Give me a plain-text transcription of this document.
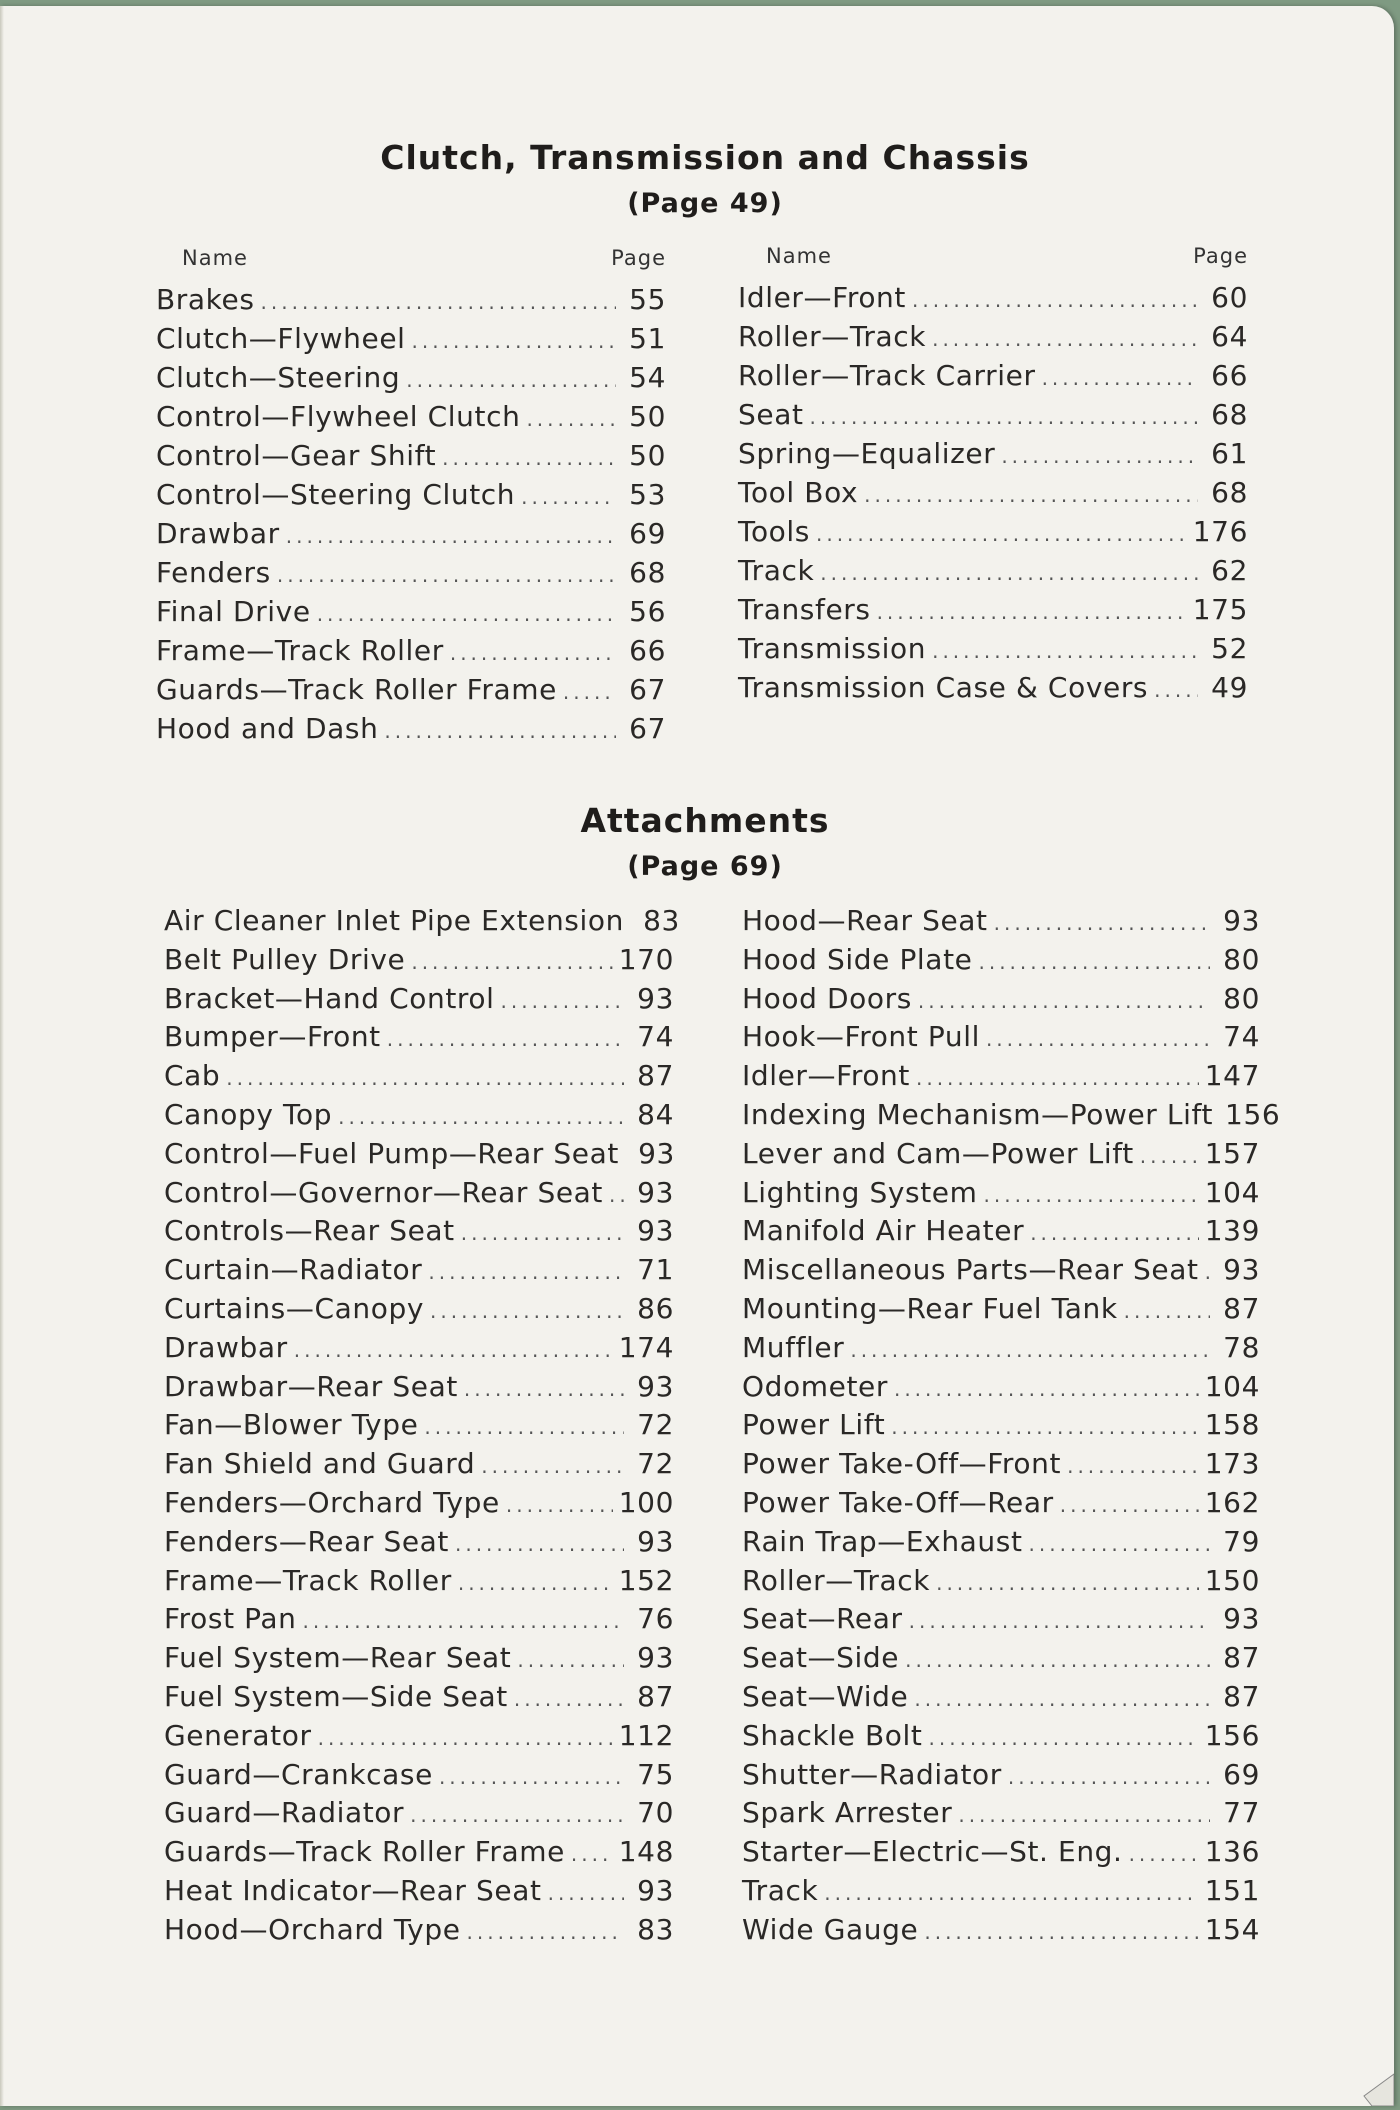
Clutch, Transmission and Chassis
(Page 49)
Name	Page	Name	Page
Brakes .....	55
Clutch—Flywheel .....	51
Clutch—Steering .....	54
Control—Flywheel Clutch .....	50
Control—Gear Shift .....	50
Control—Steering Clutch .....	53
Drawbar .....	69
Fenders .....	68
Final Drive .....	56
Frame—Track Roller .....	66
Guards—Track Roller Frame .....	67
Hood and Dash .....	67
Idler—Front .....	60
Roller—Track .....	64
Roller—Track Carrier .....	66
Seat .....	68
Spring—Equalizer .....	61
Tool Box .....	68
Tools .....	176
Track .....	62
Transfers .....	175
Transmission .....	52
Transmission Case & Covers ..... 49
Attachments
(Page 69)
Air Cleaner Inlet Pipe Extension 83
Belt Pulley Drive .....	170
Bracket—Hand Control .....	93
Bumper—Front .....	74
Cab .....	87
Canopy Top .....	84
Control—Fuel Pump—Rear Seat 93
Control—Governor—Rear Seat ..... 93
Controls—Rear Seat .....	93
Curtain—Radiator .....	71
Curtains—Canopy .....	86
Drawbar .....	174
Drawbar—Rear Seat .....	93
Fan—Blower Type .....	72
Fan Shield and Guard .....	72
Fenders—Orchard Type .....	100
Fenders—Rear Seat .....	93
Frame—Track Roller .....	152
Frost Pan .....	76
Fuel System—Rear Seat .....	93
Fuel System—Side Seat .....	87
Generator .....	112
Guard—Crankcase .....	75
Guard—Radiator .....	70
Guards—Track Roller Frame ..... 148
Heat Indicator—Rear Seat .....	93
Hood—Orchard Type .....	83
Hood—Rear Seat .....	93
Hood Side Plate .....	80
Hood Doors .....	80
Hook—Front Pull .....	74
Idler—Front .....	147
Indexing Mechanism—Power Lift 156
Lever and Cam—Power Lift .....	157
Lighting System .....	104
Manifold Air Heater .....	139
Miscellaneous Parts—Rear Seat ..... 93
Mounting—Rear Fuel Tank .....	87
Muffler .....	78
Odometer .....	104
Power Lift .....	158
Power Take-Off—Front .....	173
Power Take-Off—Rear .....	162
Rain Trap—Exhaust .....	79
Roller—Track .....	150
Seat—Rear .....	93
Seat—Side .....	87
Seat—Wide .....	87
Shackle Bolt .....	156
Shutter—Radiator .....	69
Spark Arrester .....	77
Starter—Electric—St. Eng. .....	136
Track .....	151
Wide Gauge .....	154
